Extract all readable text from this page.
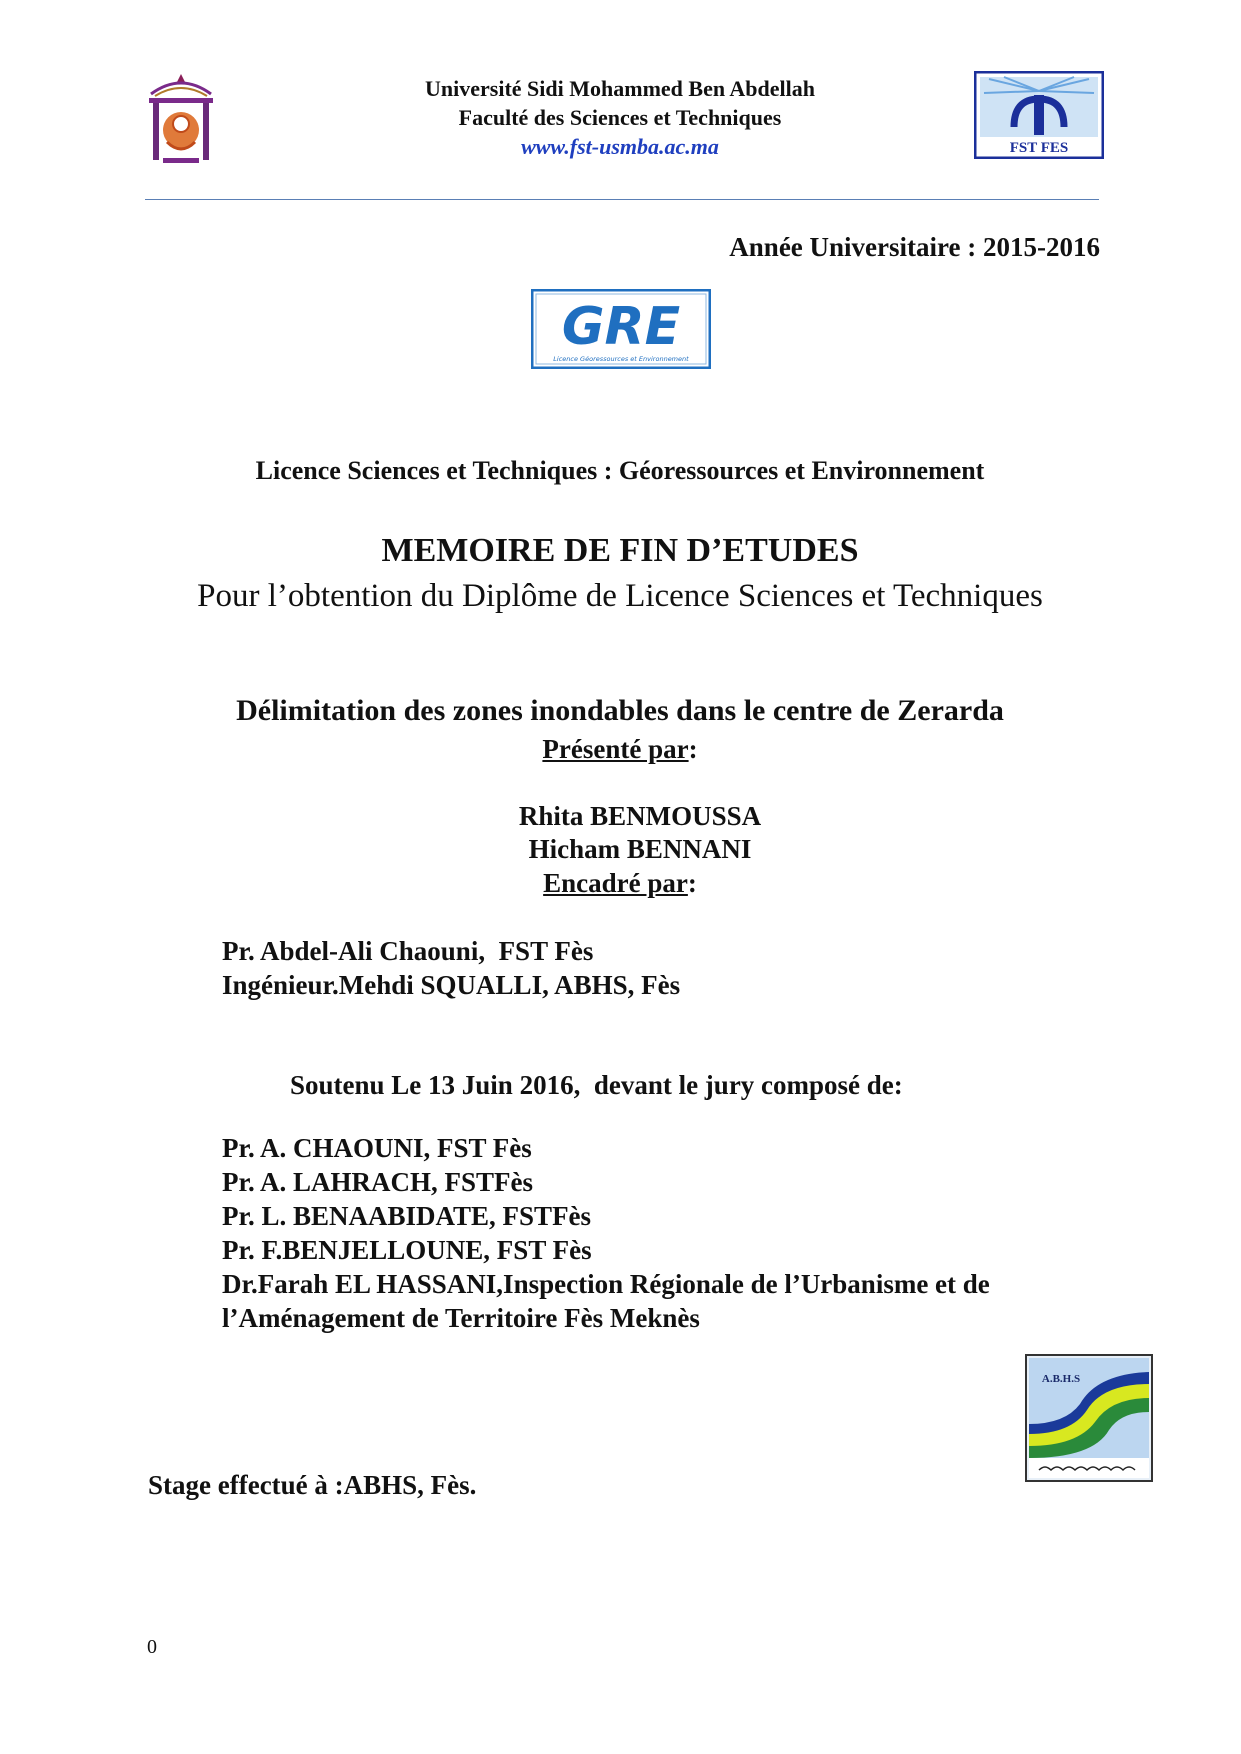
Université Sidi Mohammed Ben Abdellah
Faculté des Sciences et Techniques
www.fst-usmba.ac.ma	FST FES
Année Universitaire : 2015-2016
GRE
Licence Géoressources et Environnement
Licence Sciences et Techniques : Géoressources et Environnement
MEMOIRE DE FIN D’ETUDES
Pour l’obtention du Diplôme de Licence Sciences et Techniques
Délimitation des zones inondables dans le centre de Zerarda
Présenté par:
Rhita BENMOUSSA
Hicham BENNANI
Encadré par:
Pr. Abdel-Ali Chaouni,  FST Fès
Ingénieur.Mehdi SQUALLI, ABHS, Fès
Soutenu Le 13 Juin 2016,  devant le jury composé de:
Pr. A. CHAOUNI, FST Fès
Pr. A. LAHRACH, FSTFès
Pr. L. BENAABIDATE, FSTFès
Pr. F.BENJELLOUNE, FST Fès
Dr.Farah EL HASSANI,Inspection Régionale de l’Urbanisme et de l’Aménagement de Territoire Fès Meknès
A.B.H.S
Stage effectué à :ABHS, Fès.
0
